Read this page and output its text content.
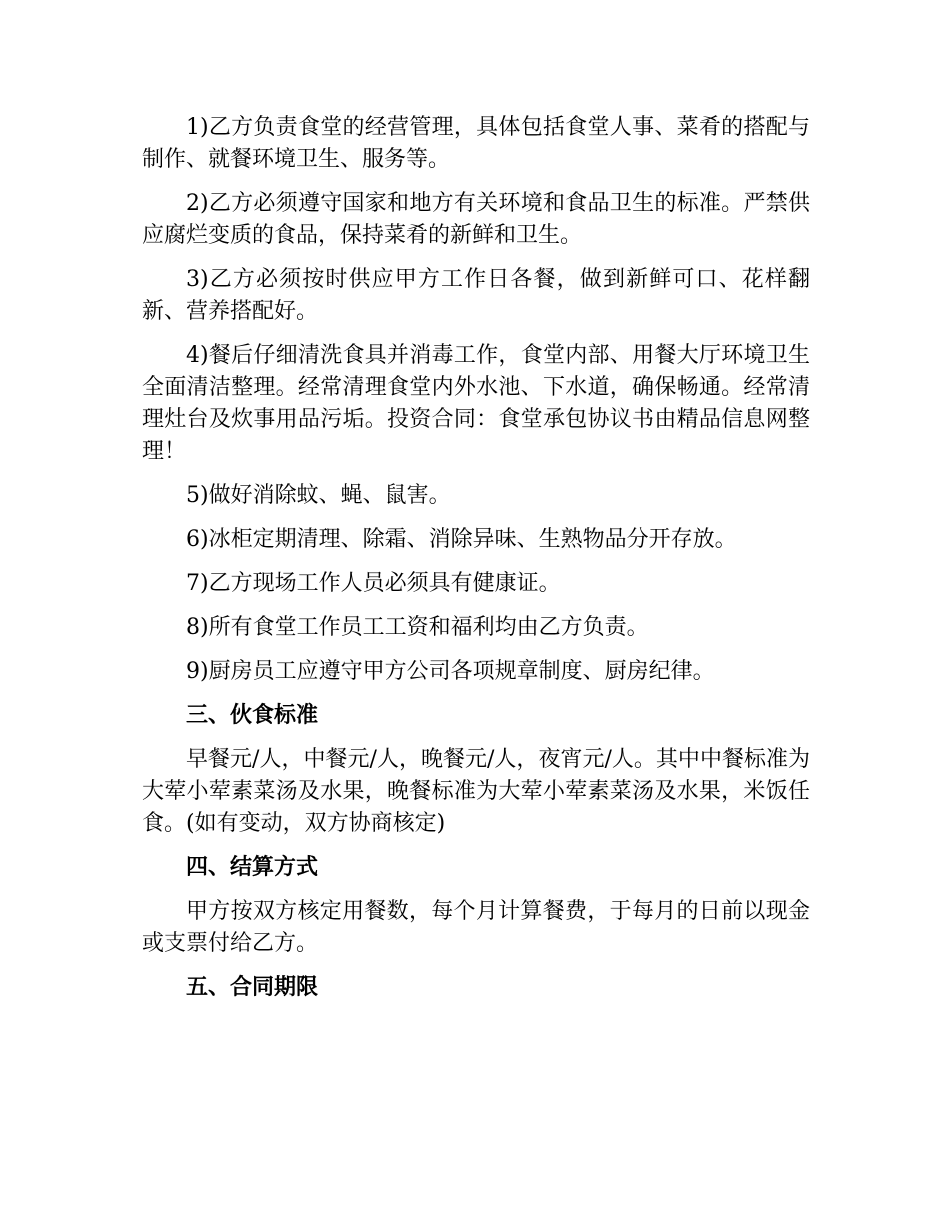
1)乙方负责食堂的经营管理，具体包括食堂人事、菜肴的搭配与制作、就餐环境卫生、服务等。

2)乙方必须遵守国家和地方有关环境和食品卫生的标准。严禁供应腐烂变质的食品，保持菜肴的新鲜和卫生。

3)乙方必须按时供应甲方工作日各餐，做到新鲜可口、花样翻新、营养搭配好。

4)餐后仔细清洗食具并消毒工作，食堂内部、用餐大厅环境卫生全面清洁整理。经常清理食堂内外水池、下水道，确保畅通。经常清理灶台及炊事用品污垢。投资合同：食堂承包协议书由精品信息网整理！

5)做好消除蚊、蝇、鼠害。

6)冰柜定期清理、除霜、消除异味、生熟物品分开存放。

7)乙方现场工作人员必须具有健康证。

8)所有食堂工作员工工资和福利均由乙方负责。

9)厨房员工应遵守甲方公司各项规章制度、厨房纪律。

三、伙食标准

早餐元/人，中餐元/人，晚餐元/人，夜宵元/人。其中中餐标准为大荤小荤素菜汤及水果，晚餐标准为大荤小荤素菜汤及水果，米饭任食。(如有变动，双方协商核定)

四、结算方式

甲方按双方核定用餐数，每个月计算餐费，于每月的日前以现金或支票付给乙方。

五、合同期限
